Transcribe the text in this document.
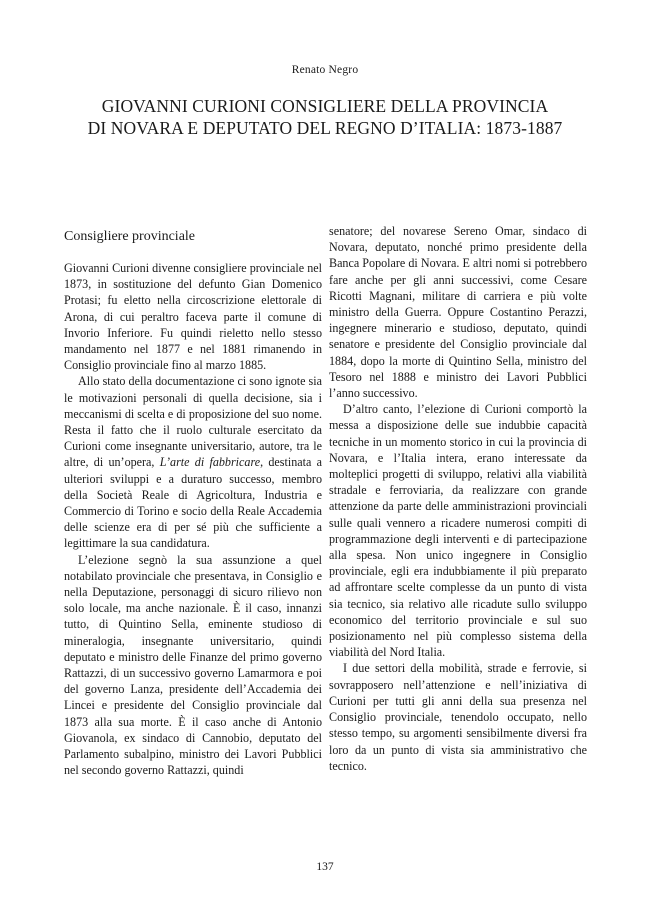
Renato Negro
GIOVANNI CURIONI CONSIGLIERE DELLA PROVINCIA
DI NOVARA E DEPUTATO DEL REGNO D’ITALIA: 1873-1887
Consigliere provinciale

Giovanni Curioni divenne consigliere provinciale nel 1873, in sostituzione del defunto Gian Domenico Protasi; fu eletto nella circoscrizione elettorale di Arona, di cui peraltro faceva parte il comune di Invorio Inferiore. Fu quindi rieletto nello stesso mandamento nel 1877 e nel 1881 rimanendo in Consiglio provinciale fino al marzo 1885.

Allo stato della documentazione ci sono ignote sia le motivazioni personali di quella decisione, sia i meccanismi di scelta e di proposizione del suo nome. Resta il fatto che il ruolo culturale esercitato da Curioni come insegnante universitario, autore, tra le altre, di un’opera, L’arte di fabbricare, destinata a ulteriori sviluppi e a duraturo successo, membro della Società Reale di Agricoltura, Industria e Commercio di Torino e socio della Reale Accademia delle scienze era di per sé più che sufficiente a legittimare la sua candidatura.

L’elezione segnò la sua assunzione a quel notabilato provinciale che presentava, in Consiglio e nella Deputazione, personaggi di sicuro rilievo non solo locale, ma anche nazionale. È il caso, innanzi tutto, di Quintino Sella, eminente studioso di mineralogia, insegnante universitario, quindi deputato e ministro delle Finanze del primo governo Rattazzi, di un successivo governo Lamarmora e poi del governo Lanza, presidente dell’Accademia dei Lincei e presidente del Consiglio provinciale dal 1873 alla sua morte. È il caso anche di Antonio Giovanola, ex sindaco di Cannobio, deputato del Parlamento subalpino, ministro dei Lavori Pubblici nel secondo governo Rattazzi, quindi

senatore; del novarese Sereno Omar, sindaco di Novara, deputato, nonché primo presidente della Banca Popolare di Novara. E altri nomi si potrebbero fare anche per gli anni successivi, come Cesare Ricotti Magnani, militare di carriera e più volte ministro della Guerra. Oppure Costantino Perazzi, ingegnere minerario e studioso, deputato, quindi senatore e presidente del Consiglio provinciale dal 1884, dopo la morte di Quintino Sella, ministro del Tesoro nel 1888 e ministro dei Lavori Pubblici l’anno successivo.

D’altro canto, l’elezione di Curioni comportò la messa a disposizione delle sue indubbie capacità tecniche in un momento storico in cui la provincia di Novara, e l’Italia intera, erano interessate da molteplici progetti di sviluppo, relativi alla viabilità stradale e ferroviaria, da realizzare con grande attenzione da parte delle amministrazioni provinciali sulle quali vennero a ricadere numerosi compiti di programmazione degli interventi e di partecipazione alla spesa. Non unico ingegnere in Consiglio provinciale, egli era indubbiamente il più preparato ad affrontare scelte complesse da un punto di vista sia tecnico, sia relativo alle ricadute sullo sviluppo economico del territorio provinciale e sul suo posizionamento nel più complesso sistema della viabilità del Nord Italia.

I due settori della mobilità, strade e ferrovie, si sovrapposero nell’attenzione e nell’iniziativa di Curioni per tutti gli anni della sua presenza nel Consiglio provinciale, tenendolo occupato, nello stesso tempo, su argomenti sensibilmente diversi fra loro da un punto di vista sia amministrativo che tecnico.

137
